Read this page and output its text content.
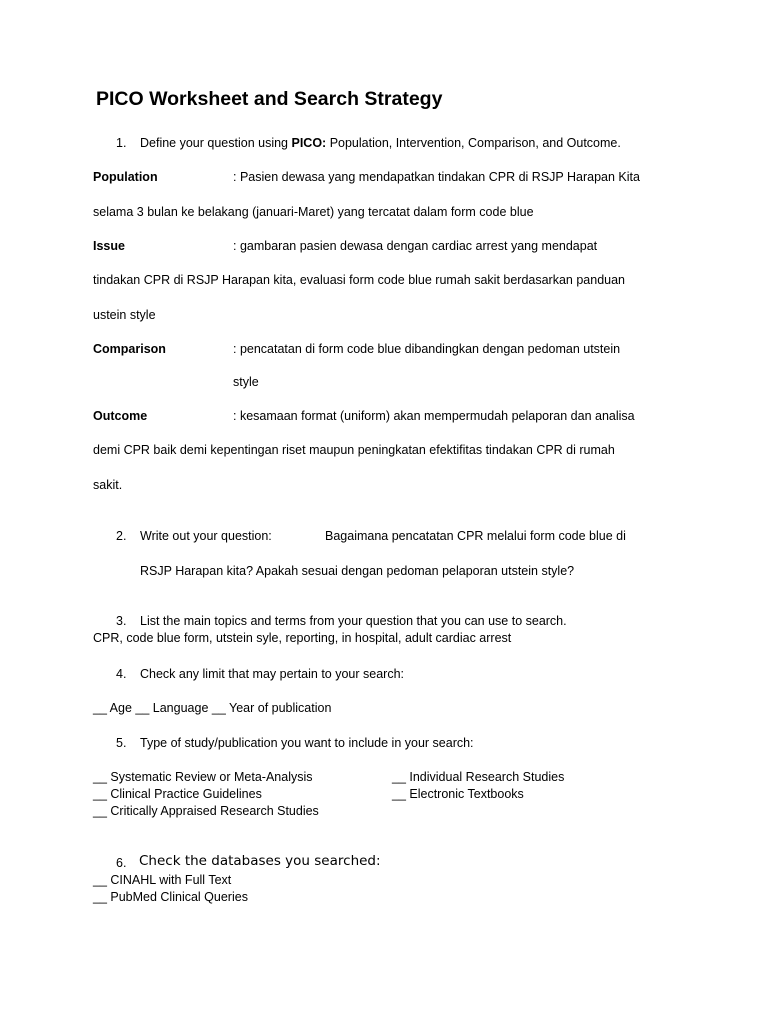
PICO Worksheet and Search Strategy
1. Define your question using PICO: Population, Intervention, Comparison, and Outcome.
Population	: Pasien dewasa yang mendapatkan tindakan CPR di RSJP Harapan Kita
selama 3 bulan ke belakang (januari-Maret) yang tercatat dalam form code blue
Issue	: gambaran pasien dewasa dengan cardiac arrest yang mendapat
tindakan CPR di RSJP Harapan kita, evaluasi form code blue rumah sakit berdasarkan panduan
ustein style
Comparison	: pencatatan di form code blue dibandingkan dengan pedoman utstein
style
Outcome	: kesamaan format (uniform) akan mempermudah pelaporan dan analisa
demi CPR baik demi kepentingan riset maupun peningkatan efektifitas tindakan CPR di rumah
sakit.
2. Write out your question:	Bagaimana pencatatan CPR melalui form code blue di
RSJP Harapan kita? Apakah sesuai dengan pedoman pelaporan utstein style?
3. List the main topics and terms from your question that you can use to search.
CPR, code blue form, utstein syle, reporting, in hospital, adult cardiac arrest
4. Check any limit that may pertain to your search:
__ Age __ Language __ Year of publication
5. Type of study/publication you want to include in your search:
__ Systematic Review or Meta-Analysis
__ Clinical Practice Guidelines
__ Critically Appraised Research Studies
__ Individual Research Studies
__ Electronic Textbooks
6. Check the databases you searched:
__ CINAHL with Full Text
__ PubMed Clinical Queries
